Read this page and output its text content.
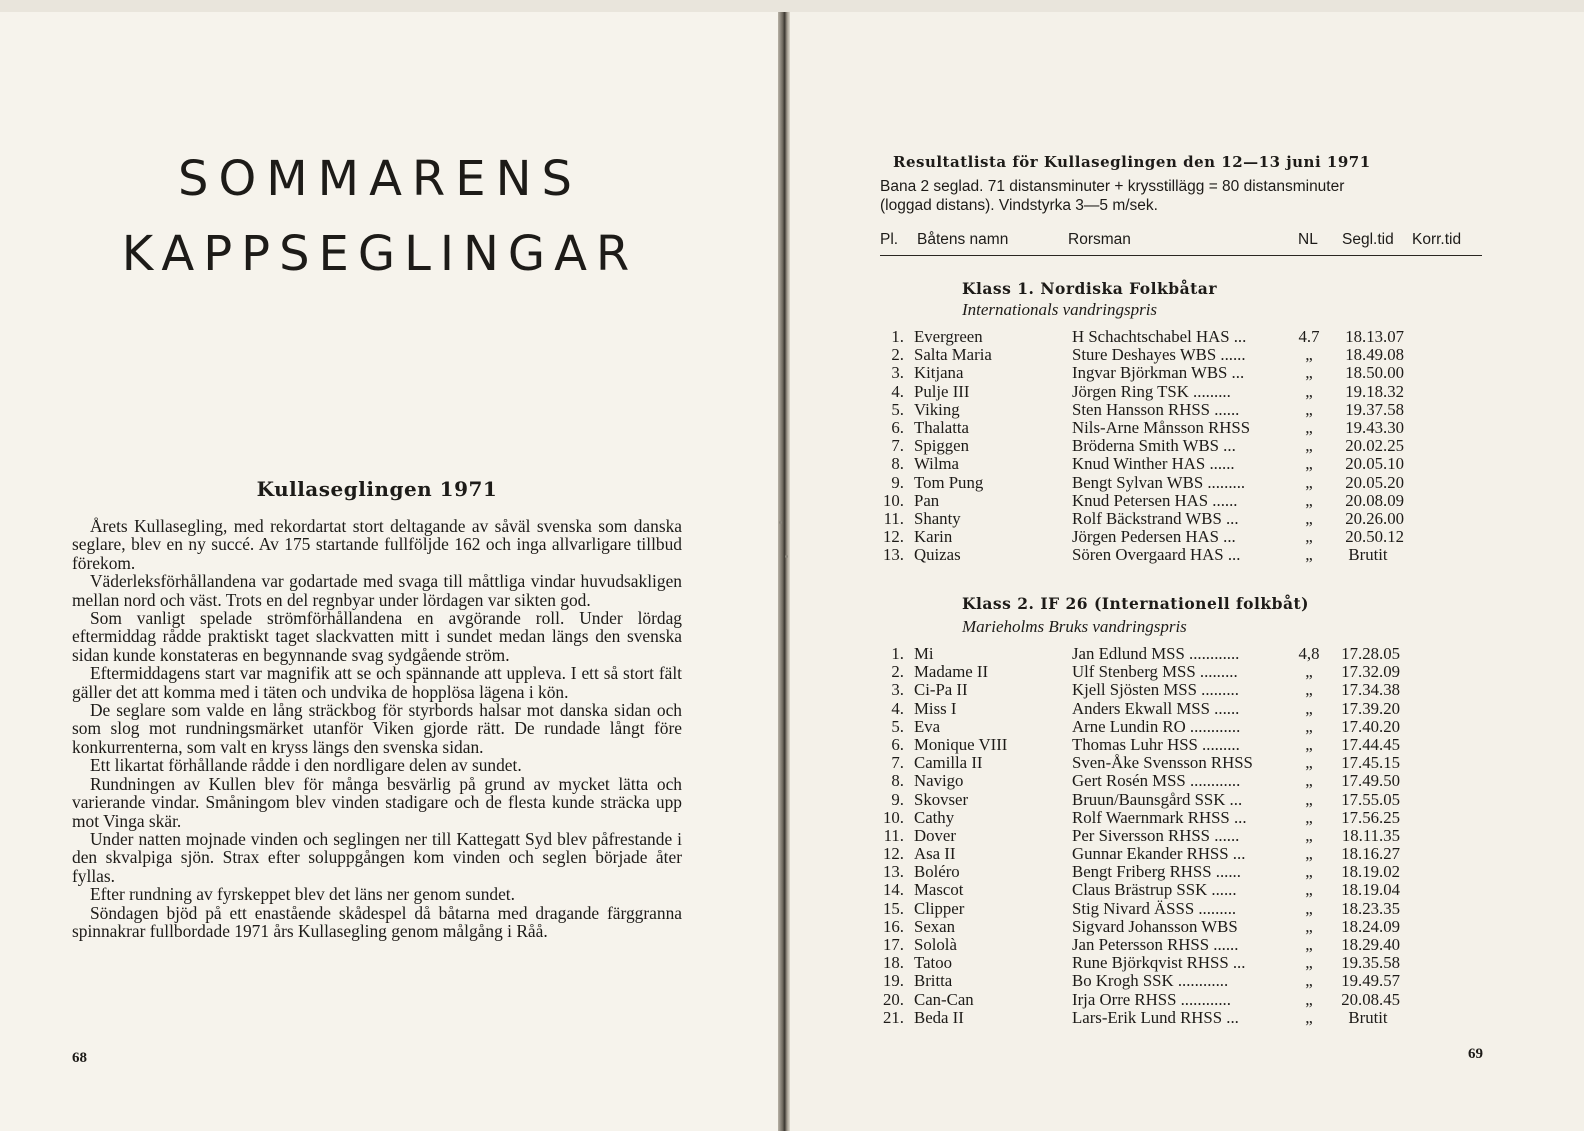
SOMMARENS
KAPPSEGLINGAR
Kullaseglingen 1971

Årets Kullasegling, med rekordartat stort deltagande av såväl svenska som danska seglare, blev en ny succé. Av 175 startande fullföljde 162 och inga allvarligare tillbud förekom.

Väderleksförhållandena var godartade med svaga till måttliga vindar huvudsakligen mellan nord och väst. Trots en del regnbyar under lördagen var sikten god.

Som vanligt spelade strömförhållandena en avgörande roll. Under lördag eftermiddag rådde praktiskt taget slackvatten mitt i sundet medan längs den svenska sidan kunde konstateras en begynnande svag sydgående ström.

Eftermiddagens start var magnifik att se och spännande att uppleva. I ett så stort fält gäller det att komma med i täten och undvika de hopplösa lägena i kön.

De seglare som valde en lång sträckbog för styrbords halsar mot danska sidan och som slog mot rundningsmärket utanför Viken gjorde rätt. De rundade långt före konkurrenterna, som valt en kryss längs den svenska sidan.

Ett likartat förhållande rådde i den nordligare delen av sundet.

Rundningen av Kullen blev för många besvärlig på grund av mycket lätta och varierande vindar. Småningom blev vinden stadigare och de flesta kunde sträcka upp mot Vinga skär.

Under natten mojnade vinden och seglingen ner till Kattegatt Syd blev påfrestande i den skvalpiga sjön. Strax efter soluppgången kom vinden och seglen började åter fyllas.

Efter rundning av fyrskeppet blev det läns ner genom sundet.

Söndagen bjöd på ett enastående skådespel då båtarna med dragande färggranna spinnakrar fullbordade 1971 års Kullasegling genom målgång i Råå.

68
Resultatlista för Kullaseglingen den 12—13 juni 1971
Bana 2 seglad. 71 distansminuter + krysstillägg = 80 distansminuter
(loggad distans). Vindstyrka 3—5 m/sek.
Pl. Båtens namn	Rorsman	NL Segl.tid Korr.tid
Klass 1. Nordiska Folkbåtar
Internationals vandringspris
1. Evergreen	H Schachtschabel HAS ...	4.7	18.13.07
2. Salta Maria	Sture Deshayes WBS ......	„	18.49.08
3. Kitjana	Ingvar Björkman WBS ...	„	18.50.00
4. Pulje III	Jörgen Ring TSK .........	„	19.18.32
5. Viking	Sten Hansson RHSS ......	„	19.37.58
6. Thalatta	Nils-Arne Månsson RHSS	„	19.43.30
7. Spiggen	Bröderna Smith WBS ...	„	20.02.25
8. Wilma	Knud Winther HAS ......	„	20.05.10
9. Tom Pung	Bengt Sylvan WBS .........	„	20.05.20
10. Pan	Knud Petersen HAS ......	„	20.08.09
11. Shanty	Rolf Bäckstrand WBS ...	„	20.26.00
12. Karin	Jörgen Pedersen HAS ...	„	20.50.12
13. Quizas	Sören Overgaard HAS ...	„	Brutit
Klass 2. IF 26 (Internationell folkbåt)
Marieholms Bruks vandringspris
1. Mi	Jan Edlund MSS ............	4,8	17.28.05
2. Madame II	Ulf Stenberg MSS .........	„	17.32.09
3. Ci-Pa II	Kjell Sjösten MSS .........	„	17.34.38
4. Miss I	Anders Ekwall MSS ......	„	17.39.20
5. Eva	Arne Lundin RO ............	„	17.40.20
6. Monique VIII	Thomas Luhr HSS .........	„	17.44.45
7. Camilla II	Sven-Åke Svensson RHSS	„	17.45.15
8. Navigo	Gert Rosén MSS ............	„	17.49.50
9. Skovser	Bruun/Baunsgård SSK ...	„	17.55.05
10. Cathy	Rolf Waernmark RHSS ...	„	17.56.25
11. Dover	Per Siversson RHSS ......	„	18.11.35
12. Asa II	Gunnar Ekander RHSS ...	„	18.16.27
13. Boléro	Bengt Friberg RHSS ......	„	18.19.02
14. Mascot	Claus Brästrup SSK ......	„	18.19.04
15. Clipper	Stig Nivard ÄSSS .........	„	18.23.35
16. Sexan	Sigvard Johansson WBS	„	18.24.09
17. Sololà	Jan Petersson RHSS ......	„	18.29.40
18. Tatoo	Rune Björkqvist RHSS ...	„	19.35.58
19. Britta	Bo Krogh SSK ............	„	19.49.57
20. Can-Can	Irja Orre RHSS ............	„	20.08.45
21. Beda II	Lars-Erik Lund RHSS ...	„	Brutit
69
